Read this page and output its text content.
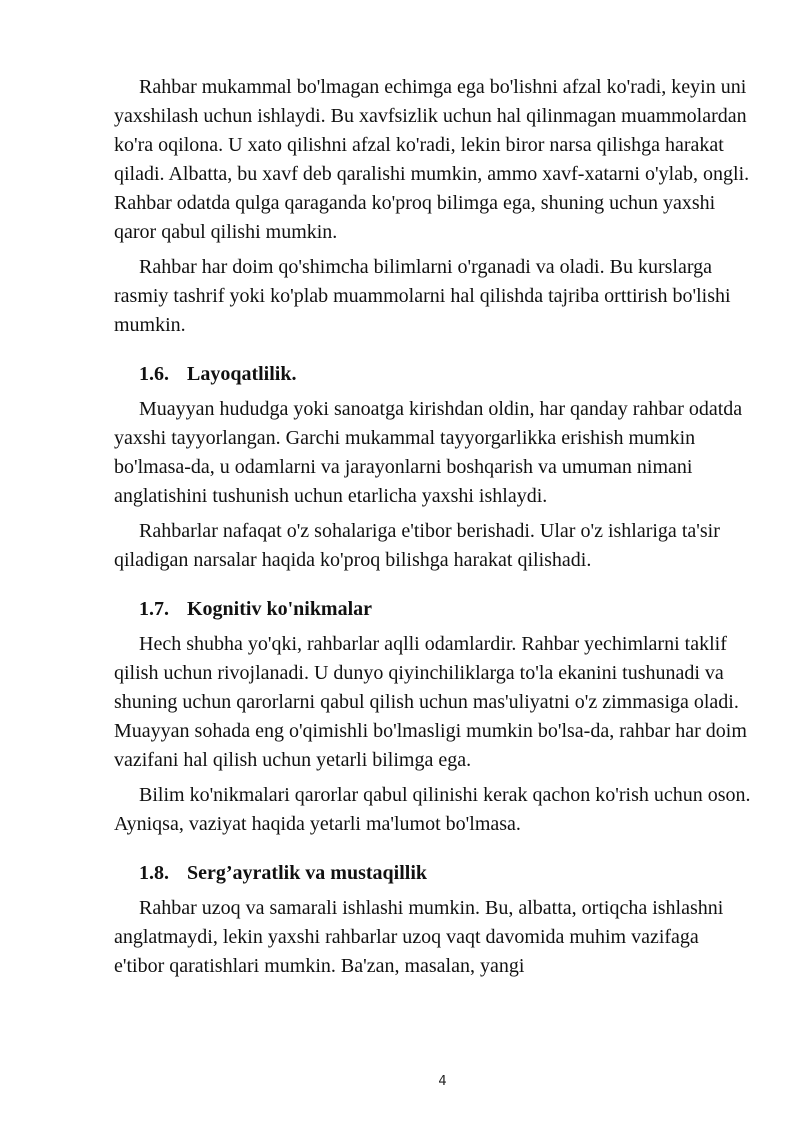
Rahbar mukammal bo'lmagan echimga ega bo'lishni afzal ko'radi, keyin uni yaxshilash uchun ishlaydi. Bu xavfsizlik uchun hal qilinmagan muammolardan ko'ra oqilona. U xato qilishni afzal ko'radi, lekin biror narsa qilishga harakat qiladi. Albatta, bu xavf deb qaralishi mumkin, ammo xavf-xatarni o'ylab, ongli. Rahbar odatda qulga qaraganda ko'proq bilimga ega, shuning uchun yaxshi qaror qabul qilishi mumkin.

Rahbar har doim qo'shimcha bilimlarni o'rganadi va oladi. Bu kurslarga rasmiy tashrif yoki ko'plab muammolarni hal qilishda tajriba orttirish bo'lishi mumkin.

1.6. Layoqatlilik.

Muayyan hududga yoki sanoatga kirishdan oldin, har qanday rahbar odatda yaxshi tayyorlangan. Garchi mukammal tayyorgarlikka erishish mumkin bo'lmasa-da, u odamlarni va jarayonlarni boshqarish va umuman nimani anglatishini tushunish uchun etarlicha yaxshi ishlaydi.

Rahbarlar nafaqat o'z sohalariga e'tibor berishadi. Ular o'z ishlariga ta'sir qiladigan narsalar haqida ko'proq bilishga harakat qilishadi.

1.7. Kognitiv ko'nikmalar

Hech shubha yo'qki, rahbarlar aqlli odamlardir. Rahbar yechimlarni taklif qilish uchun rivojlanadi. U dunyo qiyinchiliklarga to'la ekanini tushunadi va shuning uchun qarorlarni qabul qilish uchun mas'uliyatni o'z zimmasiga oladi. Muayyan sohada eng o'qimishli bo'lmasligi mumkin bo'lsa-da, rahbar har doim vazifani hal qilish uchun yetarli bilimga ega.

Bilim ko'nikmalari qarorlar qabul qilinishi kerak qachon ko'rish uchun oson. Ayniqsa, vaziyat haqida yetarli ma'lumot bo'lmasa.

1.8. Serg’ayratlik va mustaqillik

Rahbar uzoq va samarali ishlashi mumkin. Bu, albatta, ortiqcha ishlashni anglatmaydi, lekin yaxshi rahbarlar uzoq vaqt davomida muhim vazifaga e'tibor qaratishlari mumkin. Ba'zan, masalan, yangi

4
